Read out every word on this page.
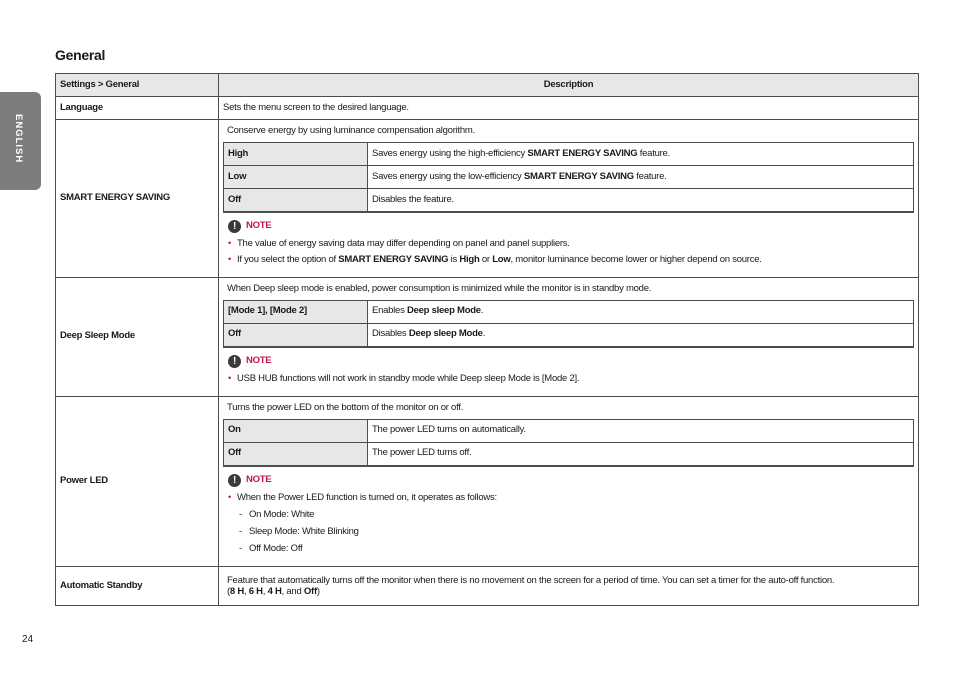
ENGLISH
General
Settings > General	Description
Language	Sets the menu screen to the desired language.
SMART ENERGY SAVING	
Conserve energy by using luminance compensation algorithm.
High	Saves energy using the high-efficiency SMART ENERGY SAVING feature.
Low	Saves energy using the low-efficiency SMART ENERGY SAVING feature.
Off	Disables the feature.
!	NOTE
• The value of energy saving data may differ depending on panel and panel suppliers.
• If you select the option of SMART ENERGY SAVING is High or Low, monitor luminance become lower or higher depend on source.

Deep Sleep Mode	
When Deep sleep mode is enabled, power consumption is minimized while the monitor is in standby mode.
[Mode 1], [Mode 2]	Enables Deep sleep Mode.
Off	Disables Deep sleep Mode.
!	NOTE
• USB HUB functions will not work in standby mode while Deep sleep Mode is [Mode 2].

Power LED	
Turns the power LED on the bottom of the monitor on or off.
On	The power LED turns on automatically.
Off	The power LED turns off.
!	NOTE
• When the Power LED function is turned on, it operates as follows:
- On Mode: White
- Sleep Mode: White Blinking
- Off Mode: Off

Automatic Standby	Feature that automatically turns off the monitor when there is no movement on the screen for a period of time. You can set a timer for the auto-off function.
(8 H, 6 H, 4 H, and Off)
24
